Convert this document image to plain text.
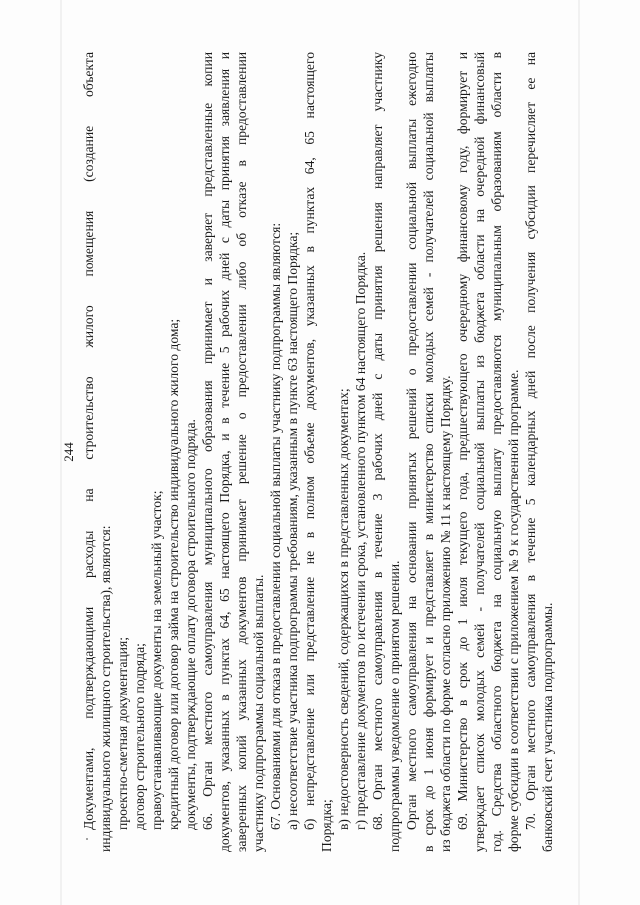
244 Документами, подтверждающими расходы на строительство жилого помещения (создание объекта индивидуального жилищного строительства), являются: проектно-сметная документация; договор строительного подряда; правоустанавливающие документы на земельный участок; кредитный договор или договор займа на строительство индивидуального жилого дома; документы, подтверждающие оплату договора строительного подряда. 66. Орган местного самоуправления муниципального образования принимает и заверяет представленные копии документов, указанных в пунктах 64, 65 настоящего Порядка, и в течение 5 рабочих дней с даты принятия заявления и заверенных копий указанных документов принимает решение о предоставлении либо об отказе в предоставлении участнику подпрограммы социальной выплаты. 67. Основаниями для отказа в предоставлении социальной выплаты участнику подпрограммы являются: а) несоответствие участника подпрограммы требованиям, указанным в пункте 63 настоящего Порядка; б) непредставление или представление не в полном объеме документов, указанных в пунктах 64, 65 настоящего Порядка; в) недостоверность сведений, содержащихся в представленных документах; г) представление документов по истечении срока, установленного пунктом 64 настоящего Порядка. 68. Орган местного самоуправления в течение 3 рабочих дней с даты принятия решения направляет участнику подпрограммы уведомление о принятом решении. Орган местного самоуправления на основании принятых решений о предоставлении социальной выплаты ежегодно в срок до 1 июня формирует и представляет в министерство списки молодых семей - получателей социальной выплаты из бюджета области по форме согласно приложению № 11 к настоящему Порядку. 69. Министерство в срок до 1 июля текущего года, предшествующего очередному финансовому году, формирует и утверждает список молодых семей - получателей социальной выплаты из бюджета области на очередной финансовый год. Средства областного бюджета на социальную выплату предоставляются муниципальным образованиям области в форме субсидии в соответствии с приложением № 9 к государственной программе. 70. Орган местного самоуправления в течение 5 календарных дней после получения субсидии перечисляет ее на банковский счет участника подпрограммы.
